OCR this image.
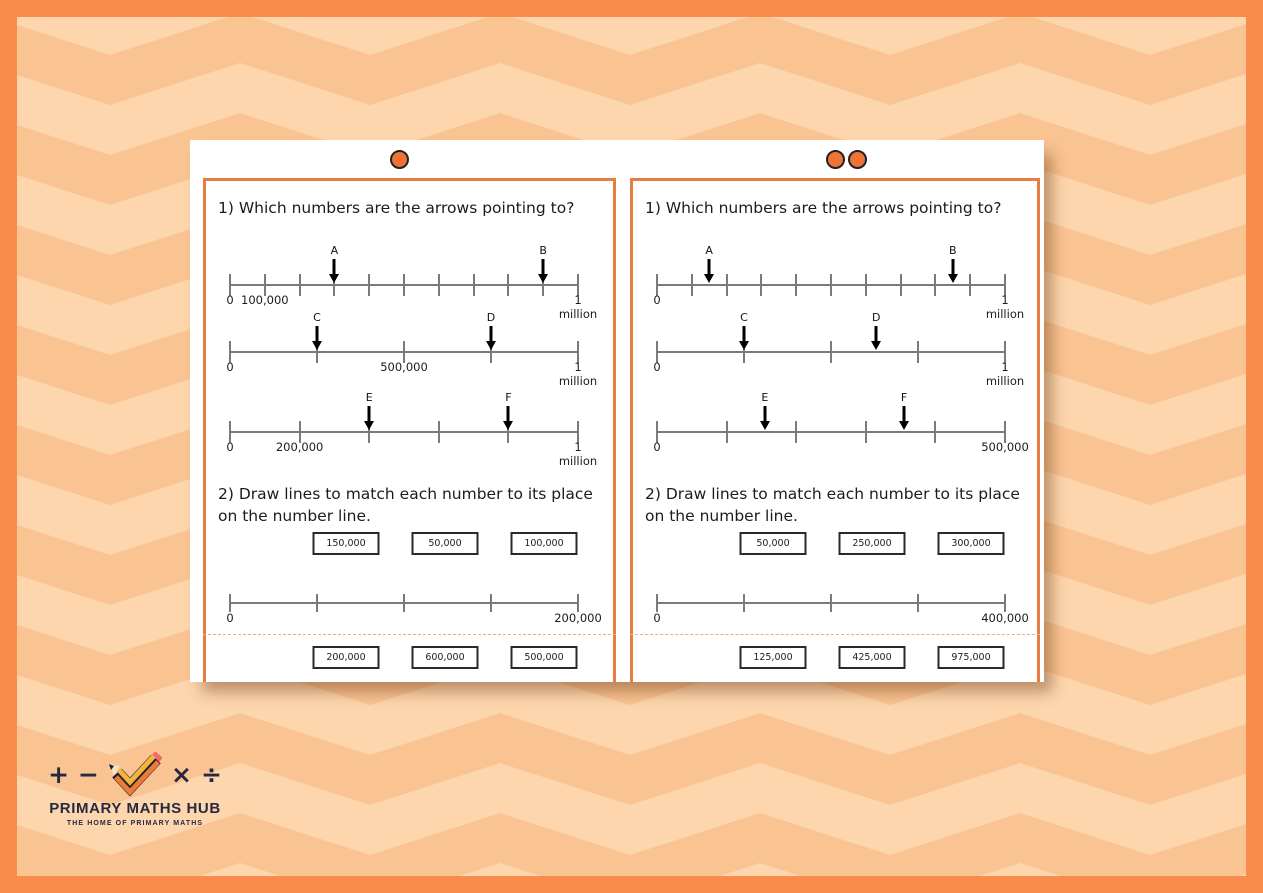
1) Which numbers are the arrows pointing to?
2) Draw lines to match each number to its place on the number line.
0 100,000	1
million
A	B
0	500,000	1
million
C	D
0	200,000	1
million
E	F
150,000	50,000	100,000
0	200,000
200,000	600,000	500,000
1) Which numbers are the arrows pointing to?
2) Draw lines to match each number to its place on the number line.
0	1
million
A	B
0	1
million
C	D
0	500,000
E	F
50,000	250,000	300,000
0	400,000
125,000	425,000	975,000
+ −	× ÷
PRIMARY MATHS HUB
THE HOME OF PRIMARY MATHS
